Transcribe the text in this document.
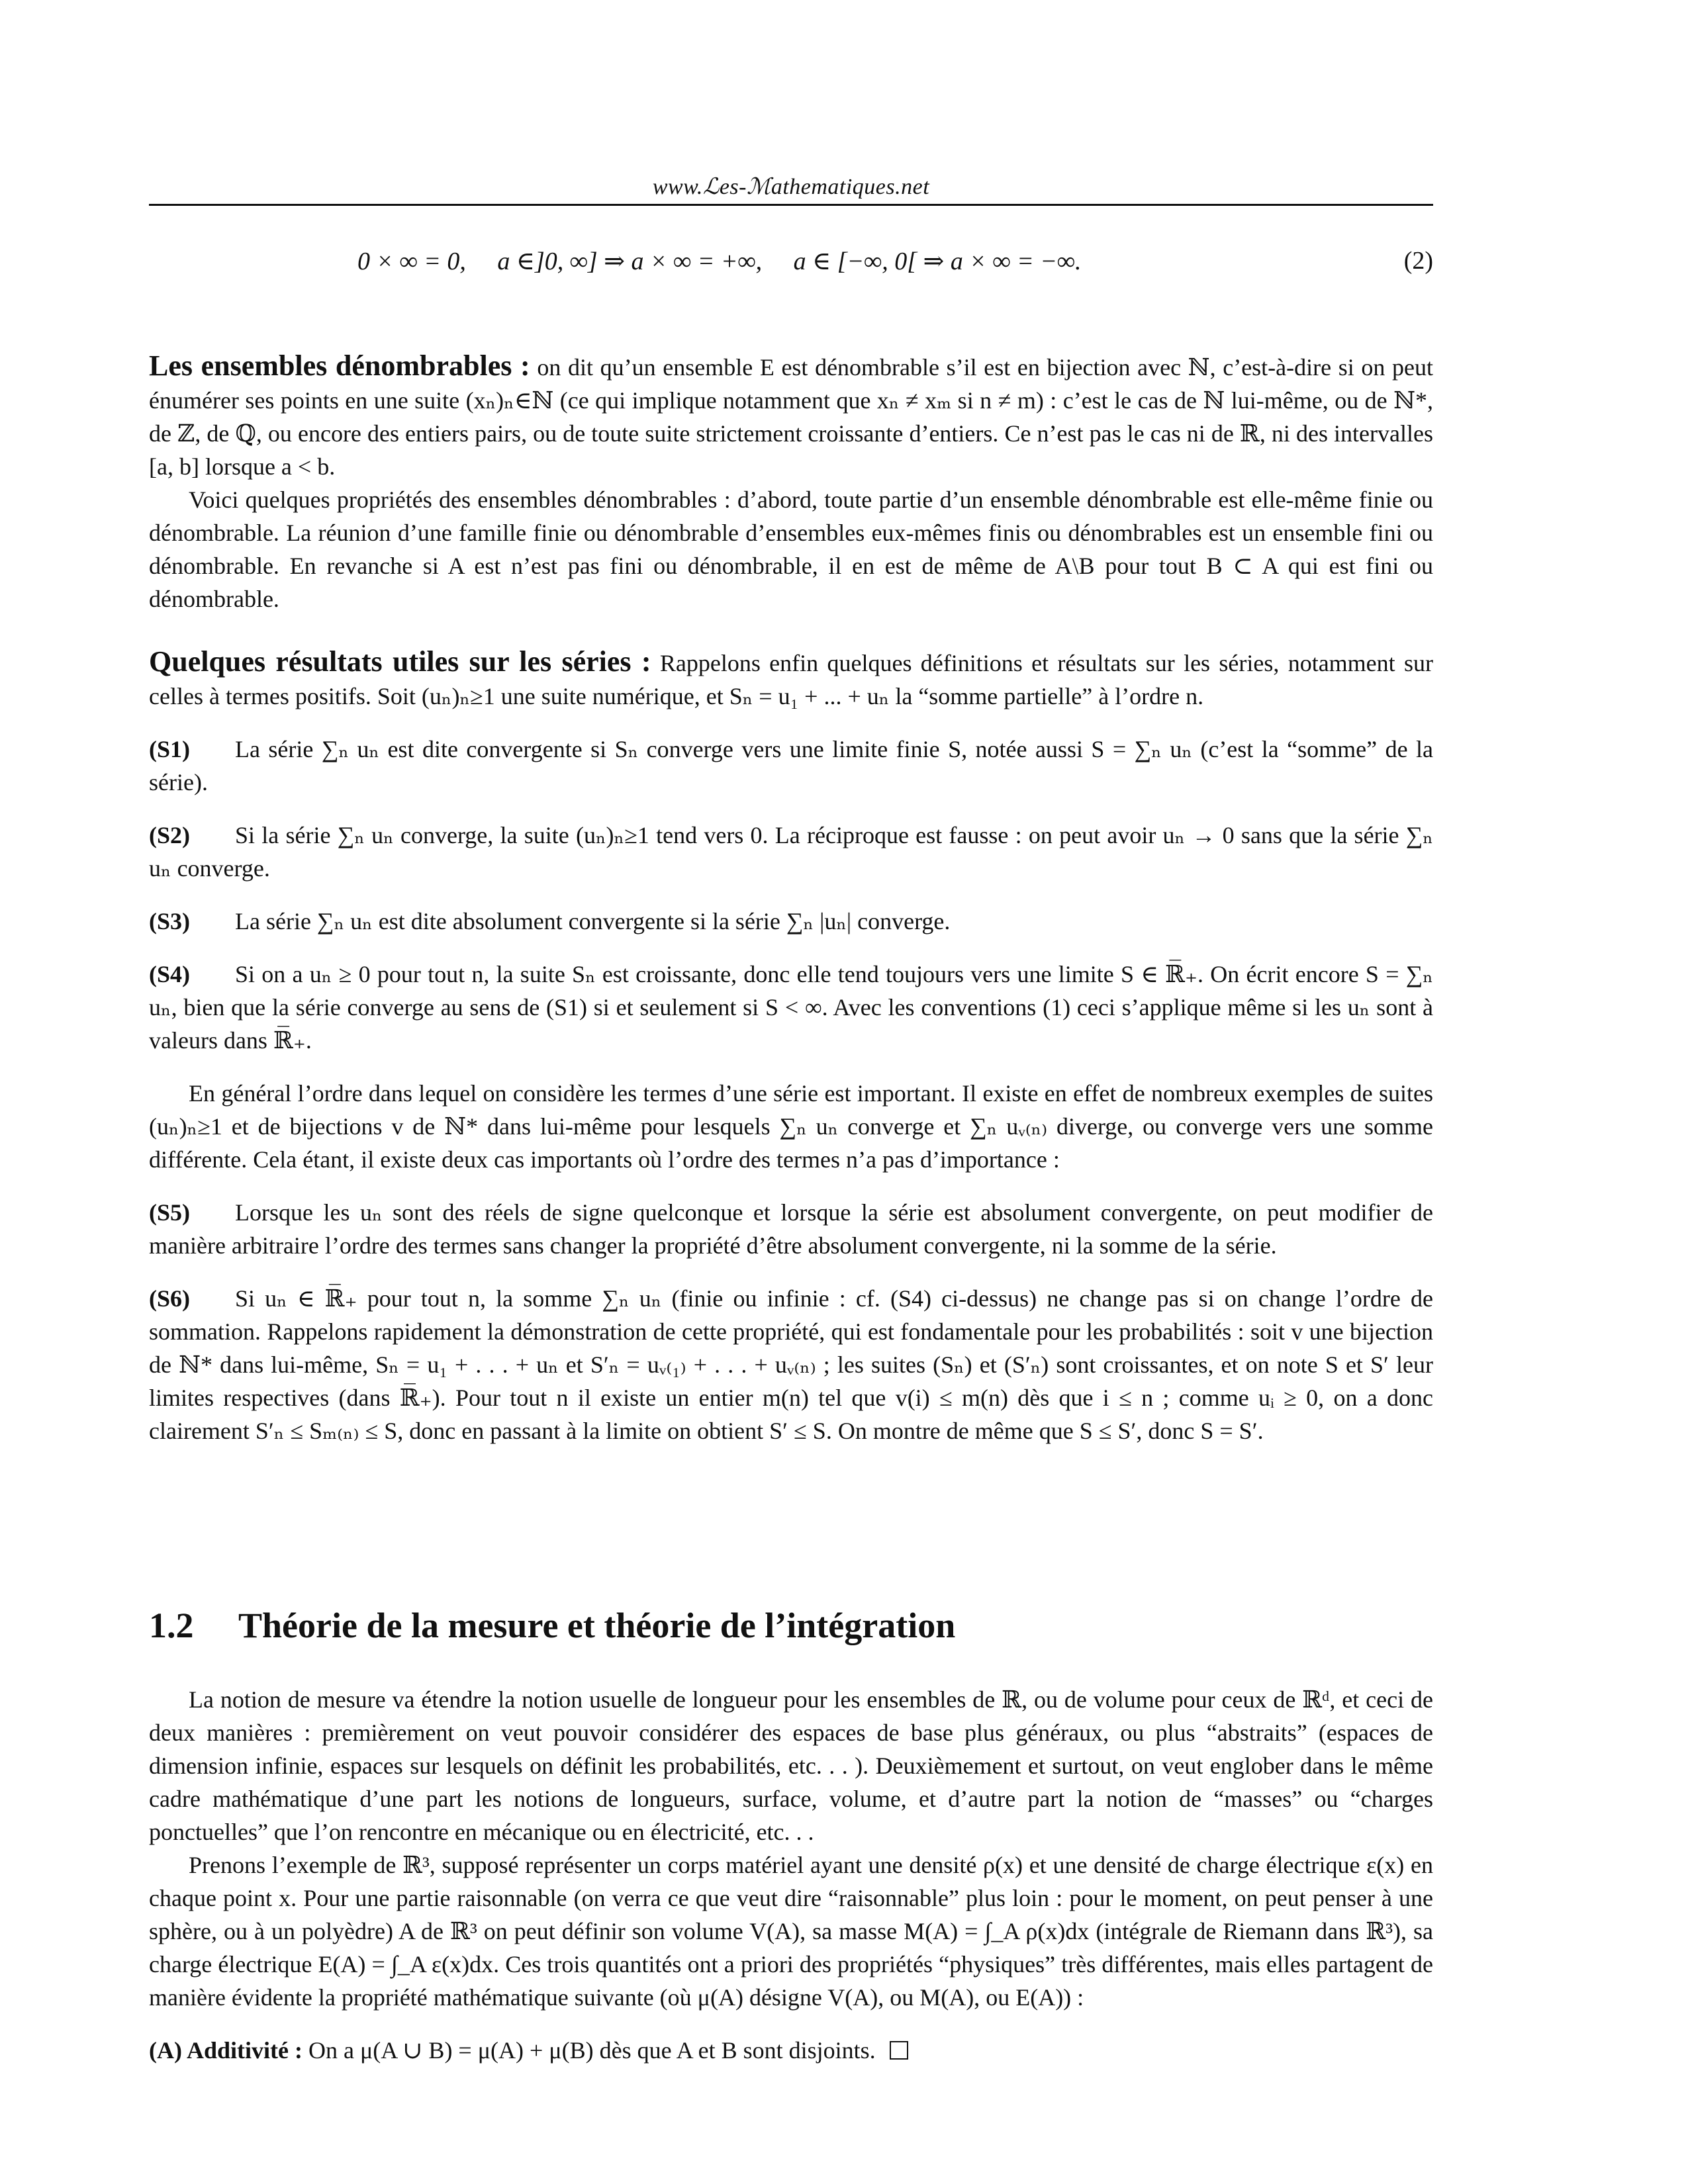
www.ℒes-ℳathematiques.net
0 × ∞ = 0,  a ∈]0, ∞] ⇒ a × ∞ = +∞,  a ∈ [−∞, 0[ ⇒ a × ∞ = −∞.	(2)

Les ensembles dénombrables : on dit qu’un ensemble E est dénombrable s’il est en bijection avec ℕ, c’est-à-dire si on peut énumérer ses points en une suite (xₙ)ₙ∈ℕ (ce qui implique notamment que xₙ ≠ xₘ si n ≠ m) : c’est le cas de ℕ lui-même, ou de ℕ*, de ℤ, de ℚ, ou encore des entiers pairs, ou de toute suite strictement croissante d’entiers. Ce n’est pas le cas ni de ℝ, ni des intervalles [a, b] lorsque a < b.

Voici quelques propriétés des ensembles dénombrables : d’abord, toute partie d’un ensemble dénombrable est elle-même finie ou dénombrable. La réunion d’une famille finie ou dénombrable d’ensembles eux-mêmes finis ou dénombrables est un ensemble fini ou dénombrable. En revanche si A est n’est pas fini ou dénombrable, il en est de même de A\B pour tout B ⊂ A qui est fini ou dénombrable.

Quelques résultats utiles sur les séries : Rappelons enfin quelques définitions et résultats sur les séries, notamment sur celles à termes positifs. Soit (uₙ)ₙ≥1 une suite numérique, et Sₙ = u₁ + ... + uₙ la “somme partielle” à l’ordre n.

(S1) La série ∑ₙ uₙ est dite convergente si Sₙ converge vers une limite finie S, notée aussi S = ∑ₙ uₙ (c’est la “somme” de la série).

(S2) Si la série ∑ₙ uₙ converge, la suite (uₙ)ₙ≥1 tend vers 0. La réciproque est fausse : on peut avoir uₙ → 0 sans que la série ∑ₙ uₙ converge.

(S3) La série ∑ₙ uₙ est dite absolument convergente si la série ∑ₙ |uₙ| converge.

(S4) Si on a uₙ ≥ 0 pour tout n, la suite Sₙ est croissante, donc elle tend toujours vers une limite S ∈ ℝ̅₊. On écrit encore S = ∑ₙ uₙ, bien que la série converge au sens de (S1) si et seulement si S < ∞. Avec les conventions (1) ceci s’applique même si les uₙ sont à valeurs dans ℝ̅₊.

En général l’ordre dans lequel on considère les termes d’une série est important. Il existe en effet de nombreux exemples de suites (uₙ)ₙ≥1 et de bijections v de ℕ* dans lui-même pour lesquels ∑ₙ uₙ converge et ∑ₙ uᵥ₍ₙ₎ diverge, ou converge vers une somme différente. Cela étant, il existe deux cas importants où l’ordre des termes n’a pas d’importance :

(S5) Lorsque les uₙ sont des réels de signe quelconque et lorsque la série est absolument convergente, on peut modifier de manière arbitraire l’ordre des termes sans changer la propriété d’être absolument convergente, ni la somme de la série.

(S6) Si uₙ ∈ ℝ̅₊ pour tout n, la somme ∑ₙ uₙ (finie ou infinie : cf. (S4) ci-dessus) ne change pas si on change l’ordre de sommation. Rappelons rapidement la démonstration de cette propriété, qui est fondamentale pour les probabilités : soit v une bijection de ℕ* dans lui-même, Sₙ = u₁ + . . . + uₙ et S′ₙ = uᵥ₍₁₎ + . . . + uᵥ₍ₙ₎ ; les suites (Sₙ) et (S′ₙ) sont croissantes, et on note S et S′ leur limites respectives (dans ℝ̅₊). Pour tout n il existe un entier m(n) tel que v(i) ≤ m(n) dès que i ≤ n ; comme uᵢ ≥ 0, on a donc clairement S′ₙ ≤ Sₘ₍ₙ₎ ≤ S, donc en passant à la limite on obtient S′ ≤ S. On montre de même que S ≤ S′, donc S = S′.

1.2 Théorie de la mesure et théorie de l’intégration

La notion de mesure va étendre la notion usuelle de longueur pour les ensembles de ℝ, ou de volume pour ceux de ℝᵈ, et ceci de deux manières : premièrement on veut pouvoir considérer des espaces de base plus généraux, ou plus “abstraits” (espaces de dimension infinie, espaces sur lesquels on définit les probabilités, etc. . . ). Deuxièmement et surtout, on veut englober dans le même cadre mathématique d’une part les notions de longueurs, surface, volume, et d’autre part la notion de “masses” ou “charges ponctuelles” que l’on rencontre en mécanique ou en électricité, etc. . .

Prenons l’exemple de ℝ³, supposé représenter un corps matériel ayant une densité ρ(x) et une densité de charge électrique ε(x) en chaque point x. Pour une partie raisonnable (on verra ce que veut dire “raisonnable” plus loin : pour le moment, on peut penser à une sphère, ou à un polyèdre) A de ℝ³ on peut définir son volume V(A), sa masse M(A) = ∫_A ρ(x)dx (intégrale de Riemann dans ℝ³), sa charge électrique E(A) = ∫_A ε(x)dx. Ces trois quantités ont a priori des propriétés “physiques” très différentes, mais elles partagent de manière évidente la propriété mathématique suivante (où μ(A) désigne V(A), ou M(A), ou E(A)) :

(A) Additivité : On a μ(A ∪ B) = μ(A) + μ(B) dès que A et B sont disjoints.
